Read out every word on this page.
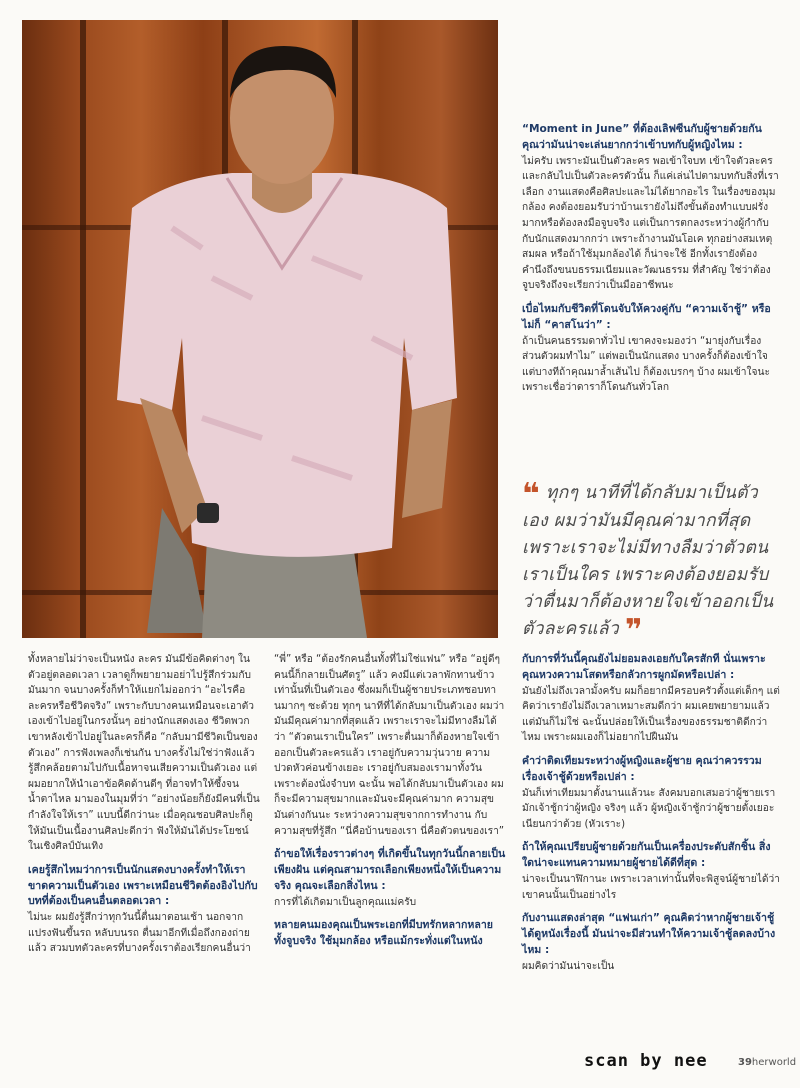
“Moment in June” ที่ต้องเลิฟซีนกับผู้ชายด้วยกัน คุณว่ามันน่าจะเล่นยากกว่าเข้าบทกับผู้หญิงไหม :
ไม่ครับ เพราะมันเป็นตัวละคร พอเข้าใจบท เข้าใจตัวละคร และกลับไปเป็นตัวละครตัวนั้น ก็แค่เล่นไปตามบทกับสิ่งที่เราเลือก งานแสดงคือศิลปะและไม่ได้ยากอะไร ในเรื่องของมุมกล้อง คงต้องยอมรับว่าบ้านเรายังไม่ถึงขั้นต้องทำแบบฝรั่งมากหรือต้องลงมือจูบจริง แต่เป็นการตกลงระหว่างผู้กำกับกับนักแสดงมากกว่า เพราะถ้างานมันโอเค ทุกอย่างสมเหตุสมผล หรือถ้าใช้มุมกล้องได้ ก็น่าจะใช้ อีกทั้งเรายังต้องคำนึงถึงขนบธรรมเนียมและวัฒนธรรม ที่สำคัญ ใช่ว่าต้องจูบจริงถึงจะเรียกว่าเป็นมืออาชีพนะ

เบื่อไหมกับชีวิตที่โดนจับให้ควงคู่กับ “ความเจ้าชู้” หรือไม่ก็ “คาสโนว่า” :
ถ้าเป็นคนธรรมดาทั่วไป เขาคงจะมองว่า “มายุ่งกับเรื่องส่วนตัวผมทำไม” แต่พอเป็นนักแสดง บางครั้งก็ต้องเข้าใจ แต่บางทีถ้าคุณมาล้ำเส้นไป ก็ต้องเบรกๆ บ้าง ผมเข้าใจนะเพราะเชื่อว่าดาราก็โดนกันทั่วโลก

❝ ทุกๆ นาทีที่ได้กลับมาเป็นตัวเอง ผมว่ามันมีคุณค่ามากที่สุด เพราะเราจะไม่มีทางลืมว่าตัวตนเราเป็นใคร เพราะคงต้องยอมรับว่าตื่นมาก็ต้องหายใจเข้าออกเป็นตัวละครแล้ว ❞

ทั้งหลายไม่ว่าจะเป็นหนัง ละคร มันมีข้อคิดต่างๆ ในตัวอยู่ตลอดเวลา เวลาดูก็พยายามอย่าไปรู้สึกร่วมกับมันมาก จนบางครั้งก็ทำให้แยกไม่ออกว่า “อะไรคือละครหรือชีวิตจริง” เพราะกับบางคนเหมือนจะเอาตัวเองเข้าไปอยู่ในกรงนั้นๆ อย่างนักแสดงเอง ชีวิตพวกเขาหลังเข้าไปอยู่ในละครก็คือ “กลับมามีชีวิตเป็นของตัวเอง” การฟังเพลงก็เช่นกัน บางครั้งไม่ใช่ว่าฟังแล้วรู้สึกคล้อยตามไปกับเนื้อหาจนเสียความเป็นตัวเอง แต่ผมอยากให้นำเอาข้อคิดด้านดีๆ ที่อาจทำให้ซึ้งจนน้ำตาไหล มามองในมุมที่ว่า “อย่างน้อยก็ยังมีคนที่เป็นกำลังใจให้เรา” แบบนี้ดีกว่านะ เมื่อคุณชอบศิลปะก็ดูให้มันเป็นเนื้องานศิลปะดีกว่า ฟังให้มันได้ประโยชน์ในเชิงศิลป์บันเทิง

เคยรู้สึกไหมว่าการเป็นนักแสดงบางครั้งทำให้เราขาดความเป็นตัวเอง เพราะเหมือนชีวิตต้องอิงไปกับบทที่ต้องเป็นคนอื่นตลอดเวลา :
ไม่นะ ผมยังรู้สึกว่าทุกวันนี้ตื่นมาตอนเช้า นอกจากแปรงฟันขึ้นรถ หลับบนรถ ตื่นมาอีกทีเมื่อถึงกองถ่ายแล้ว สวมบทตัวละครที่บางครั้งเราต้องเรียกคนอื่นว่า

“พี่” หรือ “ต้องรักคนอื่นทั้งที่ไม่ใช่แฟน” หรือ “อยู่ดีๆ คนนี้ก็กลายเป็นศัตรู” แล้ว คงมีแต่เวลาพักทานข้าวเท่านั้นที่เป็นตัวเอง ซึ่งผมก็เป็นผู้ชายประเภทชอบทานมากๆ ซะด้วย ทุกๆ นาทีที่ได้กลับมาเป็นตัวเอง ผมว่ามันมีคุณค่ามากที่สุดแล้ว เพราะเราจะไม่มีทางลืมได้ว่า “ตัวตนเราเป็นใคร” เพราะตื่นมาก็ต้องหายใจเข้าออกเป็นตัวละครแล้ว เราอยู่กับความวุ่นวาย ความปวดหัวค่อนข้างเยอะ เราอยู่กับสมองเรามาทั้งวันเพราะต้องนั่งจำบท ฉะนั้น พอได้กลับมาเป็นตัวเอง ผมก็จะมีความสุขมากและมันจะมีคุณค่ามาก ความสุขมันต่างกันนะ ระหว่างความสุขจากการทำงาน กับความสุขที่รู้สึก “นี่คือบ้านของเรา นี่คือตัวตนของเรา”

ถ้าขอให้เรื่องราวต่างๆ ที่เกิดขึ้นในทุกวันนี้กลายเป็นเพียงฝัน แต่คุณสามารถเลือกเพียงหนึ่งให้เป็นความจริง คุณจะเลือกสิ่งไหน :
การที่ได้เกิดมาเป็นลูกคุณแม่ครับ

หลายคนมองคุณเป็นพระเอกที่มีบทรักหลากหลาย ทั้งจูบจริง ใช้มุมกล้อง หรือแม้กระทั่งแต่ในหนัง

กับการที่วันนี้คุณยังไม่ยอมลงเอยกับใครสักที นั่นเพราะคุณหวงความโสดหรือกลัวการผูกมัดหรือเปล่า :
มันยังไม่ถึงเวลามั้งครับ ผมก็อยากมีครอบครัวตั้งแต่เด็กๆ แต่คิดว่าเรายังไม่ถึงเวลาเหมาะสมดีกว่า ผมเคยพยายามแล้ว แต่มันก็ไม่ใช่ ฉะนั้นปล่อยให้เป็นเรื่องของธรรมชาติดีกว่าไหม เพราะผมเองก็ไม่อยากไปฝืนมัน

คำว่าติดเทียมระหว่างผู้หญิงและผู้ชาย คุณว่าควรรวมเรื่องเจ้าชู้ด้วยหรือเปล่า :
มันก็เท่าเทียมมาตั้งนานแล้วนะ สังคมบอกเสมอว่าผู้ชายเรามักเจ้าชู้กว่าผู้หญิง จริงๆ แล้ว ผู้หญิงเจ้าชู้กว่าผู้ชายตั้งเยอะ เนียนกว่าด้วย (หัวเราะ)

ถ้าให้คุณเปรียบผู้ชายด้วยกันเป็นเครื่องประดับสักชิ้น สิ่งใดน่าจะแทนความหมายผู้ชายได้ดีที่สุด :
น่าจะเป็นนาฬิกานะ เพราะเวลาเท่านั้นที่จะพิสูจน์ผู้ชายได้ว่าเขาคนนั้นเป็นอย่างไร

กับงานแสดงล่าสุด “แฟนเก่า” คุณคิดว่าหากผู้ชายเจ้าชู้ได้ดูหนังเรื่องนี้ มันน่าจะมีส่วนทำให้ความเจ้าชู้ลดลงบ้างไหม :
ผมคิดว่ามันน่าจะเป็น

scan by nee	39herworld
